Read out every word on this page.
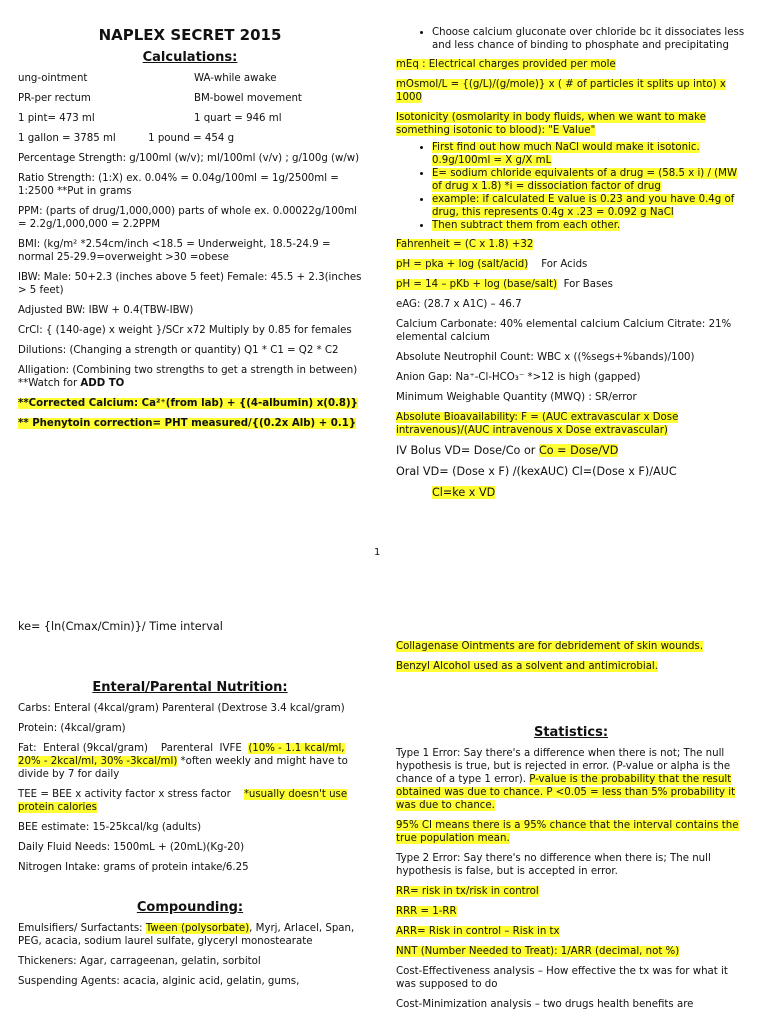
NAPLEX SECRET 2015
Calculations:
ung-ointment	WA-while awake
PR-per rectum	BM-bowel movement
1 pint= 473 ml	1 quart = 946 ml

1 gallon = 3785 ml          1 pound = 454 g

Percentage Strength: g/100ml (w/v); ml/100ml (v/v) ; g/100g (w/w)

Ratio Strength: (1:X) ex. 0.04% = 0.04g/100ml = 1g/2500ml = 1:2500 **Put in grams

PPM: (parts of drug/1,000,000) parts of whole ex. 0.00022g/100ml = 2.2g/1,000,000 = 2.2PPM

BMI: (kg/m² *2.54cm/inch <18.5 = Underweight, 18.5-24.9 = normal 25-29.9=overweight >30 =obese

IBW: Male: 50+2.3 (inches above 5 feet) Female: 45.5 + 2.3(inches > 5 feet)

Adjusted BW: IBW + 0.4(TBW-IBW)

CrCl: { (140-age) x weight }/SCr x72 Multiply by 0.85 for females

Dilutions: (Changing a strength or quantity) Q1 * C1 = Q2 * C2

Alligation: (Combining two strengths to get a strength in between) **Watch for ADD TO

**Corrected Calcium: Ca²⁺(from lab) + {(4-albumin) x(0.8)}

** Phenytoin correction= PHT measured/{(0.2x Alb) + 0.1}

• Choose calcium gluconate over chloride bc it dissociates less and less chance of binding to phosphate and precipitating

mEq : Electrical charges provided per mole

mOsmol/L = {(g/L)/(g/mole)} x ( # of particles it splits up into) x 1000

Isotonicity (osmolarity in body fluids, when we want to make something isotonic to blood): "E Value"

• First find out how much NaCl would make it isotonic. 0.9g/100ml = X g/X mL
• E= sodium chloride equivalents of a drug = (58.5 x i) / (MW of drug x 1.8) *i = dissociation factor of drug
• example: if calculated E value is 0.23 and you have 0.4g of drug, this represents 0.4g x .23 = 0.092 g NaCl
• Then subtract them from each other.

Fahrenheit = (C x 1.8) +32

pH = pka + log (salt/acid)    For Acids

pH = 14 – pKb + log (base/salt)  For Bases

eAG: (28.7 x A1C) – 46.7

Calcium Carbonate: 40% elemental calcium Calcium Citrate: 21% elemental calcium

Absolute Neutrophil Count: WBC x ((%segs+%bands)/100)

Anion Gap: Na⁺-Cl-HCO₃⁻ *>12 is high (gapped)

Minimum Weighable Quantity (MWQ) : SR/error

Absolute Bioavailability: F = (AUC extravascular x Dose intravenous)/(AUC intravenous x Dose extravascular)

IV Bolus VD= Dose/Co or Co = Dose/VD

Oral VD= (Dose x F) /(kexAUC) Cl=(Dose x F)/AUC

Cl=ke x VD

1

ke= {ln(Cmax/Cmin)}/ Time interval

Enteral/Parental Nutrition:

Carbs: Enteral (4kcal/gram) Parenteral (Dextrose 3.4 kcal/gram)

Protein: (4kcal/gram)

Fat:  Enteral (9kcal/gram)    Parenteral  IVFE  (10% - 1.1 kcal/ml, 20% - 2kcal/ml, 30% -3kcal/ml) *often weekly and might have to divide by 7 for daily

TEE = BEE x activity factor x stress factor    *usually doesn't use protein calories

BEE estimate: 15-25kcal/kg (adults)

Daily Fluid Needs: 1500mL + (20mL)(Kg-20)

Nitrogen Intake: grams of protein intake/6.25

Compounding:

Emulsifiers/ Surfactants: Tween (polysorbate), Myrj, Arlacel, Span, PEG, acacia, sodium laurel sulfate, glyceryl monostearate

Thickeners: Agar, carrageenan, gelatin, sorbitol

Suspending Agents: acacia, alginic acid, gelatin, gums,

Collagenase Ointments are for debridement of skin wounds.

Benzyl Alcohol used as a solvent and antimicrobial.

Statistics:

Type 1 Error: Say there's a difference when there is not; The null hypothesis is true, but is rejected in error. (P-value or alpha is the chance of a type 1 error). P-value is the probability that the result obtained was due to chance. P <0.05 = less than 5% probability it was due to chance.

95% CI means there is a 95% chance that the interval contains the true population mean.

Type 2 Error: Say there's no difference when there is; The null hypothesis is false, but is accepted in error.

RR= risk in tx/risk in control

RRR = 1-RR

ARR= Risk in control – Risk in tx

NNT (Number Needed to Treat): 1/ARR (decimal, not %)

Cost-Effectiveness analysis – How effective the tx was for what it was supposed to do

Cost-Minimization analysis – two drugs health benefits are
